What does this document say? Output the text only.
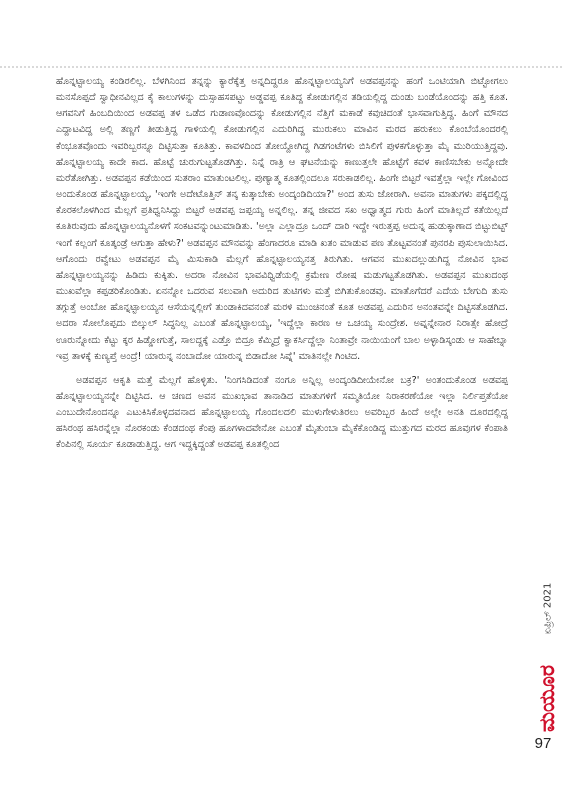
ಹೊನ್ನಟ್ಟಾಲಯ್ಯ ಕಂಡಿರಲಿಲ್ಲ. ಬೆಳಗಿನಿಂದ ತನ್ನನ್ನು ಕ್ಯಾರೆಕ್ಕೆತ್ತ ಅನ್ನದಿದ್ದರೂ ಹೊನ್ನಟ್ಟಾಲಯ್ಯನಿಗೆ ಅಡವಪ್ಪನನ್ನು ಹಂಗೆ ಒಂಟಿಯಾಗಿ ಬಿಟ್ಟೋಗಲು ಮನಸೊಪ್ಪದೆ ಸ್ವಾಧೀನವಿಲ್ಲದ ಕೈ ಕಾಲುಗಳನ್ನು ದುಸ್ಸಾಹಸಪಟ್ಟು ಅಡ್ಡವಪ್ಪ ಕೂತಿದ್ದ ಕೋಡುಗಲ್ಲಿನ ತಡಿಯಲ್ಲಿದ್ದ ದುಂಡು ಬಂಡೆಯೊಂದನ್ನು ಹತ್ತಿ ಕೂತ. ಆಗವನಿಗೆ ಹಿಂಬದಿಯಿಂದ ಅಡವಪ್ಪ ತಳ ಒಡೆದ ಗುಡಾಣವೊಂದನ್ನು ಕೋಡುಗಲ್ಲಿನ ನೆತ್ತಿಗೆ ಮಕಾಡೆ ಕವುಚಿದಂತೆ ಭಾಸವಾಗುತ್ತಿದ್ದ. ಹಿಂಗೆ ಮೌನದ ಎದ್ದಾಟವಿದ್ದ ಅಲ್ಲಿ ತಣ್ಣಗೆ ತೀಡುತ್ತಿದ್ದ ಗಾಳಿಯಲ್ಲಿ ಕೋಡುಗಲ್ಲಿನ ಎದುರಿಗಿದ್ದ ಮುರುಕಲು ಮಾವಿನ ಮರದ ಹರುಕಲು ಕೊಂಬೆಯೊಂದರಲ್ಲಿ ಕೆಂಭೂತವೊಂದು ಇವರಿಬ್ಬರನ್ನೂ ದಿಟ್ಟಿಸುತ್ತಾ ಕೂತಿತ್ತು. ಕಾವಳದಿಂದ ತೋಯ್ದೋಗಿದ್ದ ಗಿಡಗಂಟೆಗಳು ಬಿಸಿಲಿಗೆ ಪುಳಕಗೊಳ್ಳುತ್ತಾ ಮೈ ಮುರಿಯುತ್ತಿದ್ದವು. ಹೊನ್ನಟ್ಟಾಲಯ್ಯ ಕಾದೇ ಕಾದ. ಹೊಟ್ಟೆ ಚುರುಗುಟ್ಟತೊಡಗಿತ್ತು. ನಿನ್ನೆ ರಾತ್ರಿ ಆ ಘಟನೆಯನ್ನು ಕಾಣುತ್ತಲೇ ಹೊಟ್ಟೆಗೆ ಕವಳ ಕಾಣಿಸಬೇಕು ಅನ್ನೋದೇ ಮರೆತೋಗಿತ್ತು. ಅಡವಪ್ಪನ ಕಡೆಯಿಂದ ಸುತರಾಂ ಮಾತುಂಟಲಿಲ್ಲ. ಪುಣ್ಯಾತ್ಮ ಕೂತಲ್ಲಿಂದಲೂ ಸರುಕಾಡಲಿಲ್ಲ. ಹಿಂಗೇ ಬಿಟ್ಟರೆ ಇವತ್ತೆಲ್ಲಾ ಇಲ್ಲೇ ಗೋವಿಂದ ಅಂದುಕೊಂಡ ಹೊನ್ನಟ್ಟಾಲಯ್ಯ, 'ಇಂಗೇ ಅದೇಟೊತ್ತಿನ್ ತನ್ಕ ಕುತ್ಕಾಬೇಕು ಅಂದ್ಕಂಡಿದಿಯಾ?' ಅಂದ ತುಸು ಜೋರಾಗಿ. ಅವನಾ ಮಾತುಗಳು ಪಕ್ಕದಲ್ಲಿದ್ದ ಕೊರಕಲೊಳಗಿಂದ ಮೆಲ್ಲಗೆ ಪ್ರತಿಧ್ವನಿಸಿದ್ದು ಬಿಟ್ಟರೆ ಅಡವಪ್ಪ ಜಪ್ಪಯ್ಯ ಅನ್ನಲಿಲ್ಲ. ತನ್ನ ಜೀವದ ಸಖ ಅಧ್ವಾತ್ಮದ ಗುರು ಹಿಂಗೆ ಮಾತಿಲ್ಲದೆ ಕತೆಯಿಲ್ಲದೆ ಕೂತಿರುವುದು ಹೊನ್ನಟ್ಟಾಲಯ್ಯನೊಳಗೆ ಸಂಕಟವನ್ನುಂಟುಮಾಡಿತು. 'ಅಲ್ಲಾ ಎಲ್ಲಾದ್ರೂ ಒಂದ್ ದಾರಿ ಇದ್ದೇ ಇರುತ್ತಪ್ಪ ಅದುನ್ನ ಹುಡುಕ್ಕಾಣಾದ ಬಿಟ್ಟುಬಿಟ್ಟ್ ಇಂಗೆ ಕಲ್ಲಂಗೆ ಕೂತ್ಕಂಡ್ರೆ ಆಗುತ್ತಾ ಹೇಳು?' ಅಡವಪ್ಪನ ಮೌನವನ್ನು ಹೆಂಗಾದರೂ ಮಾಡಿ ಖತಂ ಮಾಡುವ ಪಣ ತೊಟ್ಟವನಂತೆ ಪುನರಪಿ ಪುಸುಲಾಯಿಸಿದ. ಆಗೊಂದು ರವ್ವೇಟು ಅಡವಪ್ಪನ ಮೈ ಮಿಸುಕಾಡಿ ಮೆಲ್ಲಗೆ ಹೊನ್ನಟ್ಟಾಲಯ್ಯನತ್ತ ತಿರುಗಿತು. ಆಗವನ ಮುಖದಲ್ಲುಡುಗಿದ್ದ ನೋವಿನ ಭಾವ ಹೊನ್ನಟ್ಟಾಲಯ್ಯನನ್ನು ಹಿಡಿದು ಕುಕ್ಕಿತು. ಅದರಾ ನೋವಿನ ಭಾವವಿಧ್ವಿಡೆಯಲ್ಲಿ ಕ್ರಮೇಣ ರೋಷ ಮಡುಗಟ್ಟತೊಡಗಿತು. ಅಡವಪ್ಪನ ಮುಖದಂಥ ಮುಖವೆಲ್ಲಾ ಕಪ್ಪಡರಿಕೊಂಡಿತು. ಏನನ್ನೋ ಒದರುವ ಸಲುವಾಗಿ ಅದುರಿದ ತುಟಿಗಳು ಮತ್ತೆ ಬಿಗಿತುಕೊಂಡವು. ಮಾತೊಗೆದರೆ ಎದೆಯ ಬೇಗುದಿ ತುಸು ತಗ್ಗುತ್ತೆ ಅಂಬೋ ಹೊನ್ನಟ್ಟಾಲಯ್ಯನ ಆಸೆಯನ್ನಲ್ಲೀಗೆ ತುಂಡಾಕಿದವನಂತೆ ಮರಳಿ ಮುಂಚಿನಂತೆ ಕೂತ ಅಡವಪ್ಪ ಎದುರಿನ ಅನಂತವನ್ನೇ ದಿಟ್ಟಿಸತೊಡಗಿದ. ಅದರಾ ಸೋಲೊಪ್ಪದು ಬಿಲ್ಕುಲ್ ಸಿದ್ಧನಿಲ್ಲ ಎಬಂತೆ ಹೊನ್ನಟ್ಟಾಲಯ್ಯ, 'ಇದ್ದೆಲ್ಲಾ ಕಾರಣ ಆ ಒಚಯ್ಯ ಸುಂದ್ರೇಶ. ಅವ್ನನ್ನೇನಾರ ನಿರಾತ್ಸೇ ಹೋದ್ರೆ ಊರುನ್ನೋದು ಕೆಟ್ಟು ಕ್ಕರ ಹಿಡ್ಡೋಗುತ್ತೆ, ಸಾಲದ್ದಕ್ಕೆ ಎಡ್ತೊ ಬಿದ್ರೂ ಕೆಮ್ಮಿದ್ರೆ ಕ್ವಾಕರ್ಸಿದ್ದೆಲ್ಲಾ ನಿಂತಾವ್ರೇ ನಾಯಿಯಂಗೆ ಬಾಲ ಅಳ್ಳಾಡಿಸ್ಕಂಡು ಆ ಸಾಹೇಬ್ನಾ ಇವ್ರ ತಾಳಕ್ಕೆ ಕುಣ್ಯಪ್ತೆ ಅಂದ್ರೆ! ಯಾರುನ್ನ ನಂಬಾದೋ ಯಾರುನ್ನ ಬಿಡಾದೋ ಸಿವ್ನೆ' ಮಾತಿನಲ್ಲೇ ಗಿಂಟಿದ.

ಅಡವಪ್ಪನ ಆಕೃತಿ ಮತ್ತೆ ಮೆಲ್ಲಗೆ ಹೊಳ್ಳಿತು. 'ನಿಂಗಸಿಡಿದಂತೆ ನಂಗೂ ಅನ್ನಿಲ್ಲ ಅಂದ್ಕಂಡಿದೀಯೇನೋ ಬಕ್ರ?' ಅಂತಂದುಕೊಂಡ ಅಡವಪ್ಪ ಹೊನ್ನಟ್ಟಾಲಯ್ಯನನ್ನೇ ದಿಟ್ಟಿಸಿದ. ಆ ಚಣದ ಅವನ ಮುಖಭಾವ ತಾನಾಡಿದ ಮಾತುಗಳಿಗೆ ಸಮ್ಮತಿಯೋ ನಿರಾಕರಣೆಯೋ ಇಲ್ಲಾ ನಿರ್ಲಿಪ್ತತೆಯೋ ಎಂಬುದೇನೊಂದನ್ನೂ ಎಟುಕಿಸಿಕೊಳ್ಳದವನಾದ ಹೊನ್ನಟ್ಟಾಲಯ್ಯ ಗೊಂದಲದಲಿ ಮುಳುಗೇಳುತಿರಲು ಅವರಿಬ್ಬರ ಹಿಂದೆ ಅಲ್ಲೇ ಅನತಿ ದೂರದಲ್ಲಿದ್ದ ಹಸಿರಂಥ ಹಸಿರನ್ನೆಲ್ಲಾ ನೊರಕಂಡು ಕೆಂಡದಂಥ ಕೆಂಪು ಹೂಗಳಾದವೇನೋ ಎಬಂತೆ ಮೈತುಂಬಾ ಮೈಕೆಕೊಂಡಿದ್ದ ಮುತ್ತುಗದ ಮರದ ಹೂವುಗಳ ಕೆಂಪಾತಿ ಕೆಂಪಿನಲ್ಲಿ ಸೂರ್ಯ ಕೂಡಾಡುತ್ತಿದ್ದ. ಆಗ ಇದ್ದಕ್ಕಿದ್ದಂತೆ ಅಡವಪ್ಪ ಕೂತಲ್ಲಿಂದ

ಏಪ್ರಿಲ್ 2021
ಮಯೂರ
97
